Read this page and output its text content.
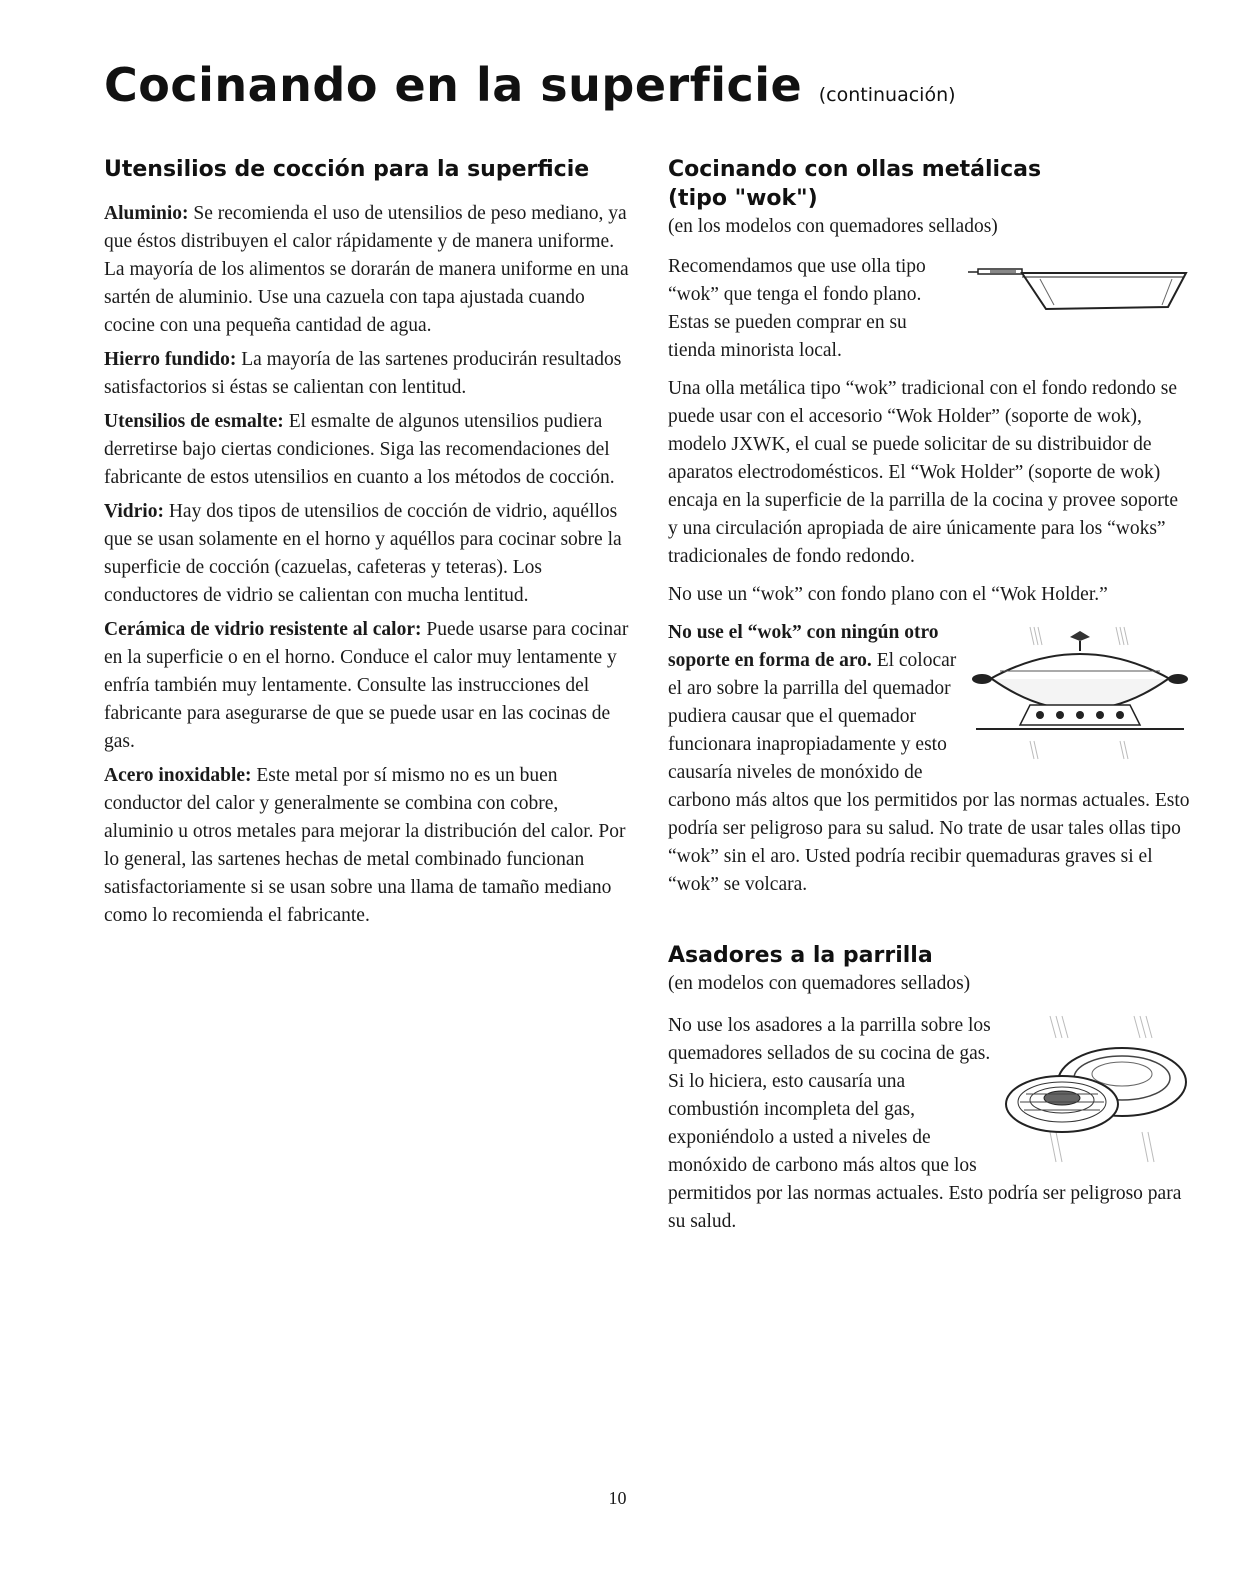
Cocinando en la superficie (continuación)
Utensilios de cocción para la superficie

Aluminio: Se recomienda el uso de utensilios de peso mediano, ya que éstos distribuyen el calor rápidamente y de manera uniforme. La mayoría de los alimentos se dorarán de manera uniforme en una sartén de aluminio. Use una cazuela con tapa ajustada cuando cocine con una pequeña cantidad de agua.

Hierro fundido: La mayoría de las sartenes producirán resultados satisfactorios si éstas se calientan con lentitud.

Utensilios de esmalte: El esmalte de algunos utensilios pudiera derretirse bajo ciertas condiciones. Siga las recomendaciones del fabricante de estos utensilios en cuanto a los métodos de cocción.

Vidrio: Hay dos tipos de utensilios de cocción de vidrio, aquéllos que se usan solamente en el horno y aquéllos para cocinar sobre la superficie de cocción (cazuelas, cafeteras y teteras). Los conductores de vidrio se calientan con mucha lentitud.

Cerámica de vidrio resistente al calor: Puede usarse para cocinar en la superficie o en el horno. Conduce el calor muy lentamente y enfría también muy lentamente. Consulte las instrucciones del fabricante para asegurarse de que se puede usar en las cocinas de gas.

Acero inoxidable: Este metal por sí mismo no es un buen conductor del calor y generalmente se combina con cobre, aluminio u otros metales para mejorar la distribución del calor. Por lo general, las sartenes hechas de metal combinado funcionan satisfactoriamente si se usan sobre una llama de tamaño mediano como lo recomienda el fabricante.

Cocinando con ollas metálicas
(tipo "wok")

(en los modelos con quemadores sellados)

Recomendamos que use olla tipo “wok” que tenga el fondo plano. Estas se pueden comprar en su tienda minorista local.

Una olla metálica tipo “wok” tradicional con el fondo redondo se puede usar con el accesorio “Wok Holder” (soporte de wok), modelo JXWK, el cual se puede solicitar de su distribuidor de aparatos electrodomésticos. El “Wok Holder” (soporte de wok) encaja en la superficie de la parrilla de la cocina y provee soporte y una circulación apropiada de aire únicamente para los “woks” tradicionales de fondo redondo.

No use un “wok” con fondo plano con el “Wok Holder.”

No use el “wok” con ningún otro soporte en forma de aro. El colocar el aro sobre la parrilla del quemador pudiera causar que el quemador funcionara inapropiadamente y esto causaría niveles de monóxido de carbono más altos que los permitidos por las normas actuales. Esto podría ser peligroso para su salud. No trate de usar tales ollas tipo “wok” sin el aro. Usted podría recibir quemaduras graves si el “wok” se volcara.

Asadores a la parrilla

(en modelos con quemadores sellados)

No use los asadores a la parrilla sobre los quemadores sellados de su cocina de gas. Si lo hiciera, esto causaría una combustión incompleta del gas, exponiéndolo a usted a niveles de monóxido de carbono más altos que los permitidos por las normas actuales. Esto podría ser peligroso para su salud.

10
